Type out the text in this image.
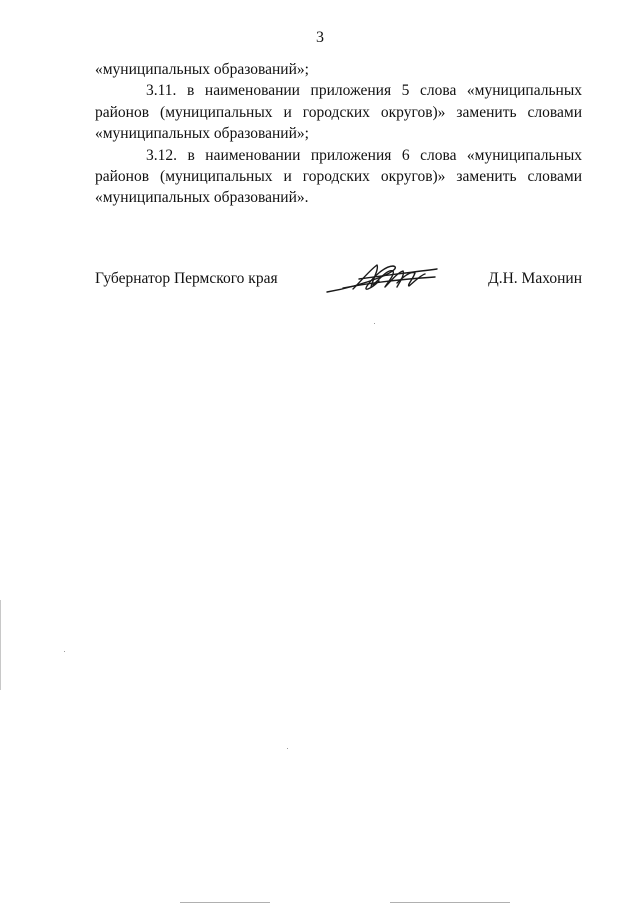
3
«муниципальных образований»;
3.11. в наименовании приложения 5 слова «муниципальных
районов (муниципальных и городских округов)» заменить словами
«муниципальных образований»;
3.12. в наименовании приложения 6 слова «муниципальных
районов (муниципальных и городских округов)» заменить словами
«муниципальных образований».
Губернатор Пермского края	Д.Н. Махонин
